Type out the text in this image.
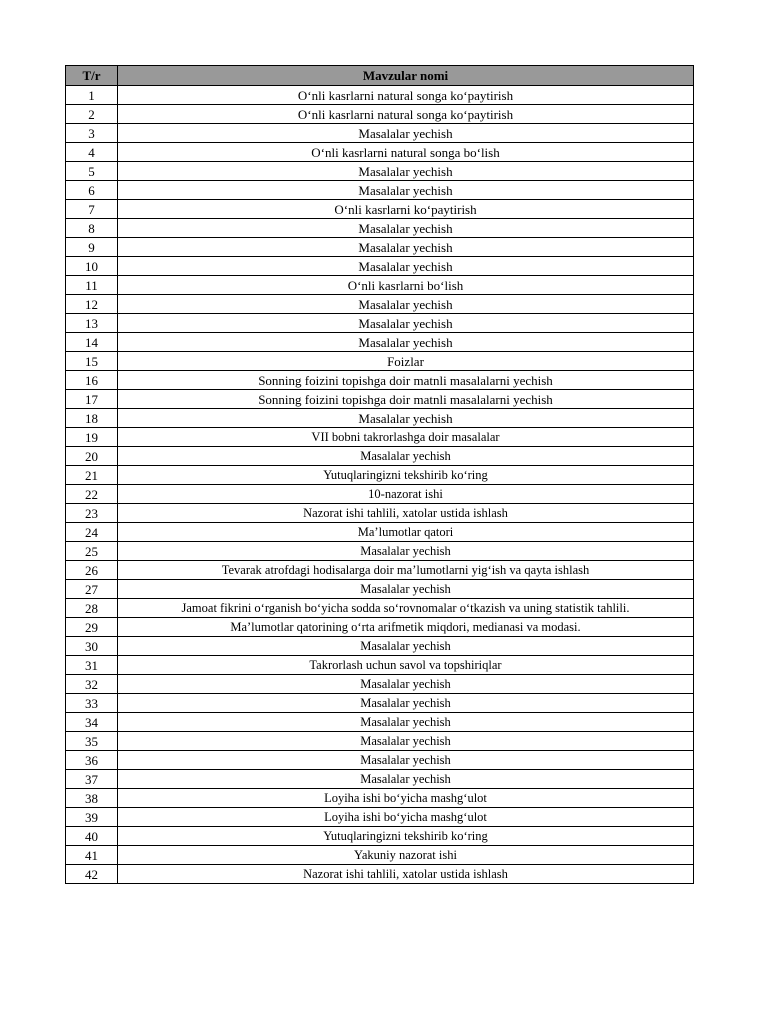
T/r	Mavzular nomi
1	O‘nli kasrlarni natural songa ko‘paytirish
2	O‘nli kasrlarni natural songa ko‘paytirish
3	Masalalar yechish
4	O‘nli kasrlarni natural songa bo‘lish
5	Masalalar yechish
6	Masalalar yechish
7	O‘nli kasrlarni ko‘paytirish
8	Masalalar yechish
9	Masalalar yechish
10	Masalalar yechish
11	O‘nli kasrlarni bo‘lish
12	Masalalar yechish
13	Masalalar yechish
14	Masalalar yechish
15	Foizlar
16	Sonning foizini topishga doir matnli masalalarni yechish
17	Sonning foizini topishga doir matnli masalalarni yechish
18	Masalalar yechish
19	VII bobni takrorlashga doir masalalar
20	Masalalar yechish
21	Yutuqlaringizni tekshirib ko‘ring
22	10-nazorat ishi
23	Nazorat ishi tahlili, xatolar ustida ishlash
24	Ma’lumotlar qatori
25	Masalalar yechish
26	Tevarak atrofdagi hodisalarga doir ma’lumotlarni yig‘ish va qayta ishlash
27	Masalalar yechish
28	Jamoat fikrini o‘rganish bo‘yicha sodda so‘rovnomalar o‘tkazish va uning statistik tahlili.
29	Ma’lumotlar qatorining o‘rta arifmetik miqdori, medianasi va modasi.
30	Masalalar yechish
31	Takrorlash uchun savol va topshiriqlar
32	Masalalar yechish
33	Masalalar yechish
34	Masalalar yechish
35	Masalalar yechish
36	Masalalar yechish
37	Masalalar yechish
38	Loyiha ishi bo‘yicha mashg‘ulot
39	Loyiha ishi bo‘yicha mashg‘ulot
40	Yutuqlaringizni tekshirib ko‘ring
41	Yakuniy nazorat ishi
42	Nazorat ishi tahlili, xatolar ustida ishlash
